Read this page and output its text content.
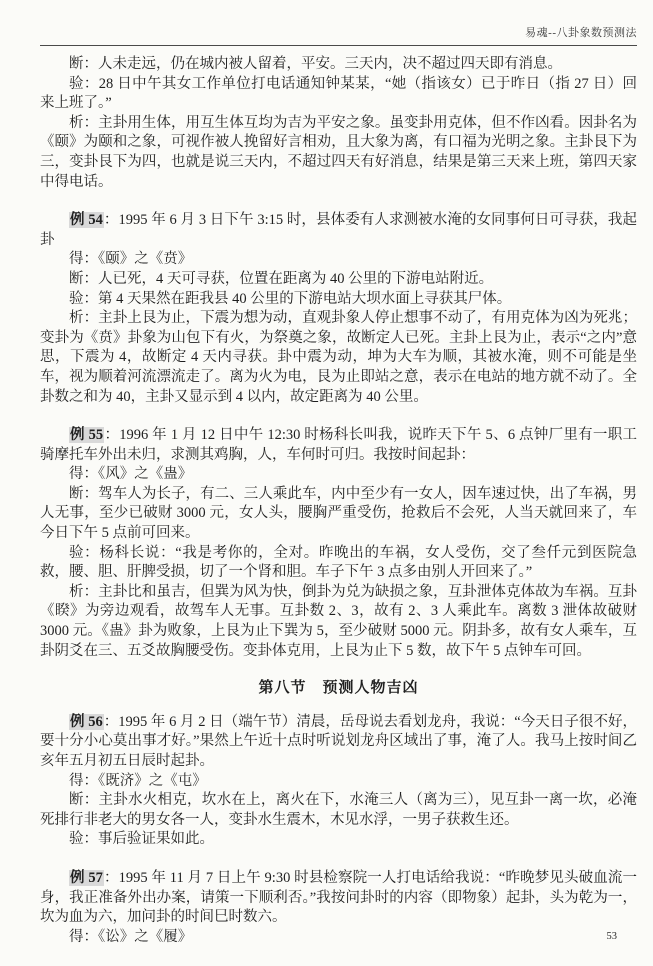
易魂--八卦象数预测法

断：人未走远，仍在城内被人留着，平安。三天内，决不超过四天即有消息。

验：28 日中午其女工作单位打电话通知钟某某，“她（指该女）已于昨日（指 27 日）回来上班了。”

析：主卦用生体，用互生体互均为吉为平安之象。虽变卦用克体，但不作凶看。因卦名为《颐》为颐和之象，可视作被人挽留好言相劝，且大象为离，有口福为光明之象。主卦艮下为三，变卦艮下为四，也就是说三天内，不超过四天有好消息，结果是第三天来上班，第四天家中得电话。

例 54：1995 年 6 月 3 日下午 3:15 时，县体委有人求测被水淹的女同事何日可寻获，我起卦

得：《颐》之《贲》

断：人已死，4 天可寻获，位置在距离为 40 公里的下游电站附近。

验：第 4 天果然在距我县 40 公里的下游电站大坝水面上寻获其尸体。

析：主卦上艮为止，下震为想为动，直观卦象人停止想事不动了，有用克体为凶为死兆；变卦为《贲》卦象为山包下有火，为祭奠之象，故断定人已死。主卦上艮为止，表示“之内”意思，下震为 4，故断定 4 天内寻获。卦中震为动，坤为大车为顺，其被水淹，则不可能是坐车，视为顺着河流漂流走了。离为火为电，艮为止即站之意，表示在电站的地方就不动了。全卦数之和为 40，主卦又显示到 4 以内，故定距离为 40 公里。

例 55：1996 年 1 月 12 日中午 12:30 时杨科长叫我，说昨天下午 5、6 点钟厂里有一职工骑摩托车外出未归，求测其鸡胸，人，车何时可归。我按时间起卦：

得：《风》之《蛊》

断：驾车人为长子，有二、三人乘此车，内中至少有一女人，因车速过快，出了车祸，男人无事，至少已破财 3000 元，女人头，腰胸严重受伤，抢救后不会死，人当天就回来了，车今日下午 5 点前可回来。

验：杨科长说：“我是考你的，全对。昨晚出的车祸，女人受伤，交了叁仟元到医院急救，腰、胆、肝脾受损，切了一个肾和胆。车子下午 3 点多由别人开回来了。”

析：主卦比和虽吉，但巽为风为快，倒卦为兑为缺损之象，互卦泄体克体故为车祸。互卦《睽》为旁边观看，故驾车人无事。互卦数 2、3，故有 2、3 人乘此车。离数 3 泄体故破财 3000 元。《蛊》卦为败象，上艮为止下巽为 5，至少破财 5000 元。阴卦多，故有女人乘车，互卦阴爻在三、五爻故胸腰受伤。变卦体克用，上艮为止下 5 数，故下午 5 点钟车可回。

第八节　预测人物吉凶

例 56：1995 年 6 月 2 日（端午节）清晨，岳母说去看划龙舟，我说：“今天日子很不好，要十分小心莫出事才好。”果然上午近十点时听说划龙舟区域出了事，淹了人。我马上按时间乙亥年五月初五日辰时起卦。

得：《既济》之《屯》

断：主卦水火相克，坎水在上，离火在下，水淹三人（离为三），见互卦一离一坎，必淹死排行非老大的男女各一人，变卦水生震木，木见水浮，一男子获救生还。

验：事后验证果如此。

例 57：1995 年 11 月 7 日上午 9:30 时县检察院一人打电话给我说：“昨晚梦见头破血流一身，我正准备外出办案，请策一下顺利否。”我按问卦时的内容（即物象）起卦，头为乾为一，坎为血为六，加问卦的时间巳时数六。

得：《讼》之《履》	53
